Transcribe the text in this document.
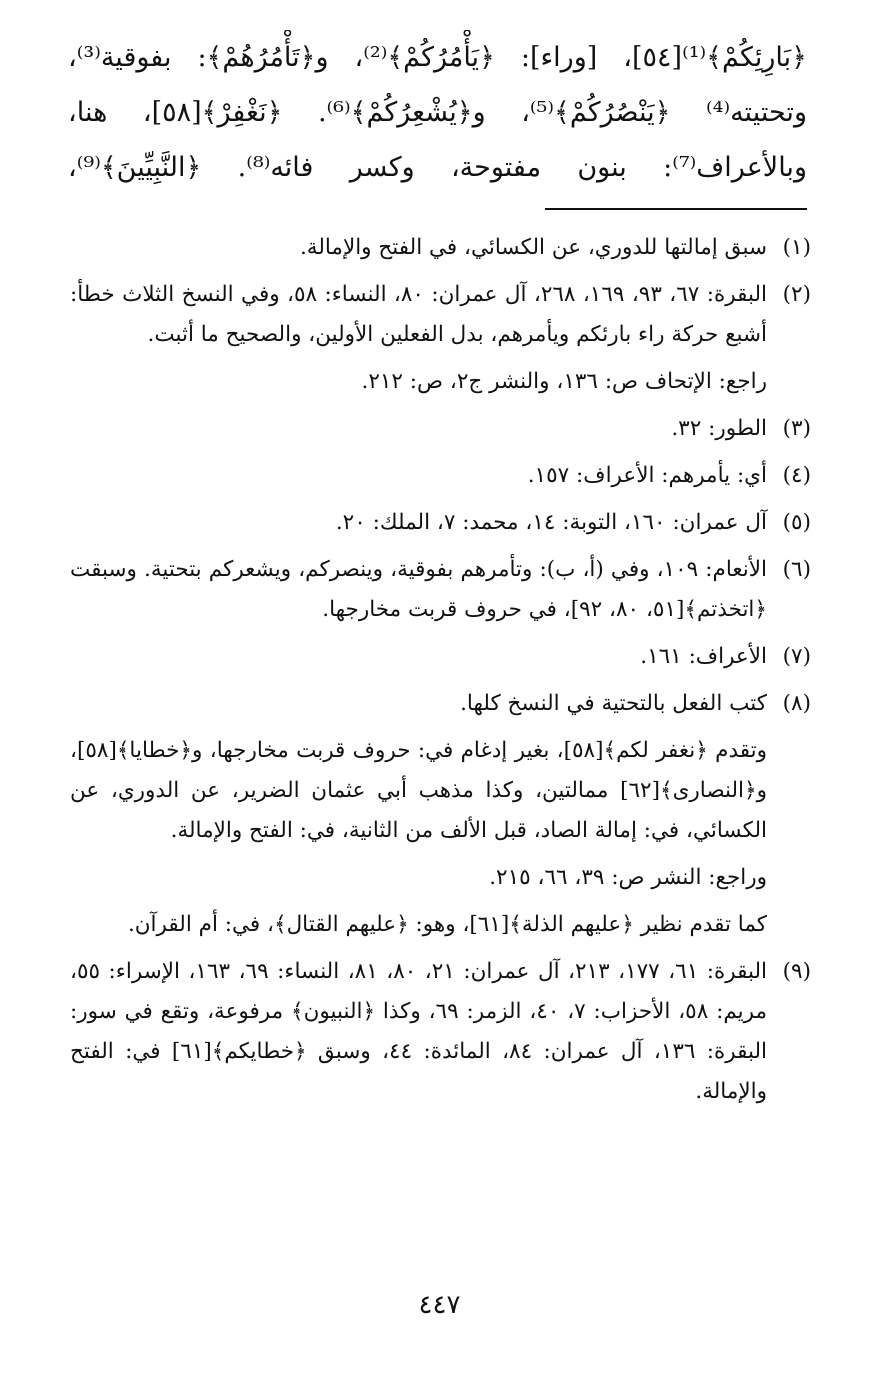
﴿بَارِئِكُمْ﴾⁽¹⁾[٥٤]، [وراء]: ﴿يَأْمُرُكُمْ﴾⁽²⁾، و﴿تَأْمُرُهُمْ﴾: بفوقية⁽³⁾،
وتحتيته⁽⁴⁾ ﴿يَنْصُرُكُمْ﴾⁽⁵⁾، و﴿يُشْعِرُكُمْ﴾⁽⁶⁾. ﴿نَغْفِرْ﴾[٥٨]، هنا،
وبالأعراف⁽⁷⁾: بنون مفتوحة، وكسر فائه⁽⁸⁾. ﴿النَّبِيِّينَ﴾⁽⁹⁾،
(١)
سبق إمالتها للدوري، عن الكسائي، في الفتح والإمالة.
(٢)
البقرة: ٦٧، ٩٣، ١٦٩، ٢٦٨، آل عمران: ٨٠، النساء: ٥٨، وفي النسخ الثلاث خطأ: أشبع حركة راء بارئكم ويأمرهم، بدل الفعلين الأولين، والصحيح ما أثبت.
راجع: الإتحاف ص: ١٣٦، والنشر ج٢، ص: ٢١٢.
(٣)
الطور: ٣٢.
(٤)
أي: يأمرهم: الأعراف: ١٥٧.
(٥)
آل عمران: ١٦٠، التوبة: ١٤، محمد: ٧، الملك: ٢٠.
(٦)
الأنعام: ١٠٩، وفي (أ، ب): وتأمرهم بفوقية، وينصركم، ويشعركم بتحتية. وسبقت ﴿اتخذتم﴾[٥١، ٨٠، ٩٢]، في حروف قربت مخارجها.
(٧)
الأعراف: ١٦١.
(٨)
كتب الفعل بالتحتية في النسخ كلها.
وتقدم ﴿نغفر لكم﴾[٥٨]، بغير إدغام في: حروف قربت مخارجها، و﴿خطايا﴾[٥٨]، و﴿النصارى﴾[٦٢] ممالتين، وكذا مذهب أبي عثمان الضرير، عن الدوري، عن الكسائي، في: إمالة الصاد، قبل الألف من الثانية، في: الفتح والإمالة.
وراجع: النشر ص: ٣٩، ٦٦، ٢١٥.
كما تقدم نظير ﴿عليهم الذلة﴾[٦١]، وهو: ﴿عليهم القتال﴾، في: أم القرآن.
(٩)
البقرة: ٦١، ١٧٧، ٢١٣، آل عمران: ٢١، ٨٠، ٨١، النساء: ٦٩، ١٦٣، الإسراء: ٥٥، مريم: ٥٨، الأحزاب: ٧، ٤٠، الزمر: ٦٩، وكذا ﴿النبيون﴾ مرفوعة، وتقع في سور: البقرة: ١٣٦، آل عمران: ٨٤، المائدة: ٤٤، وسبق ﴿خطايكم﴾[٦١] في: الفتح والإمالة.
٤٤٧
